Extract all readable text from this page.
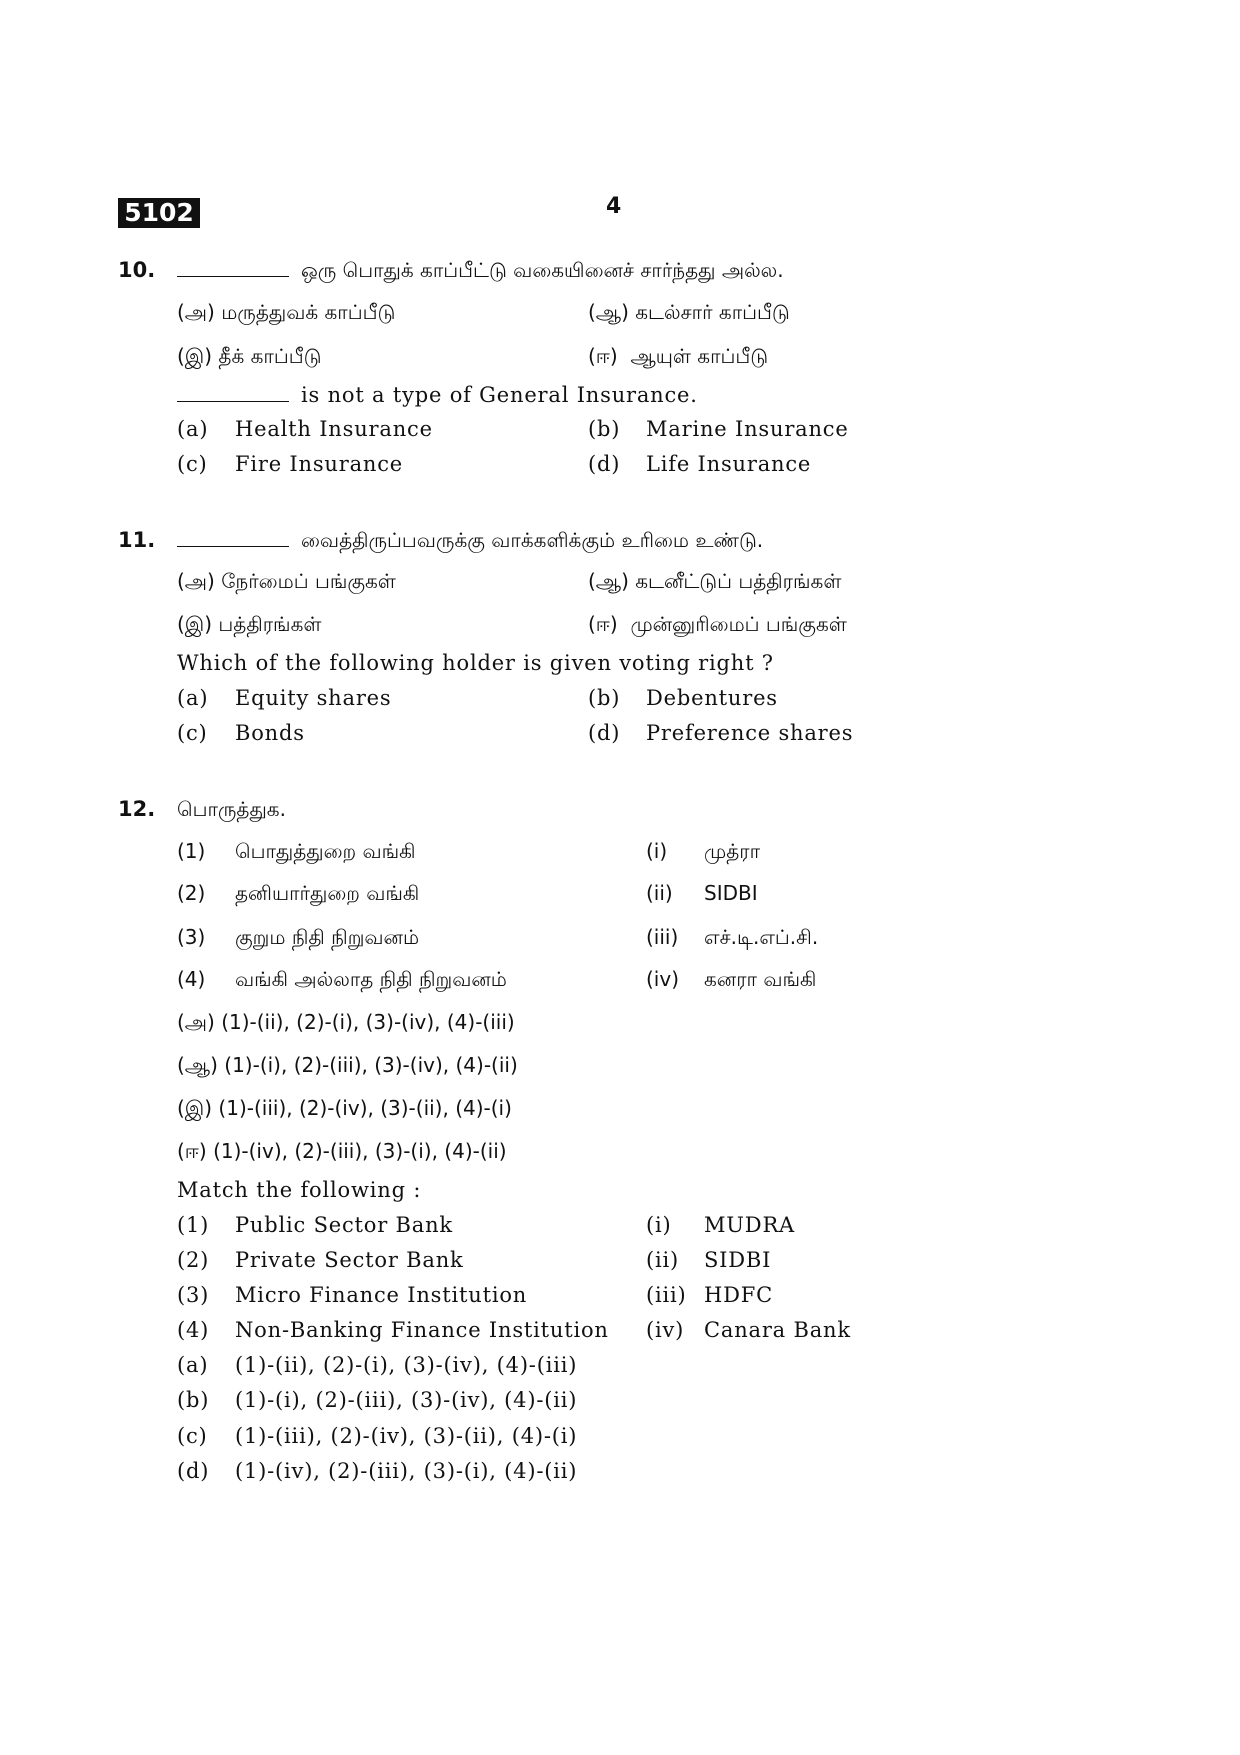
5102	4
10.	ஒரு பொதுக் காப்பீட்டு வகையினைச் சார்ந்தது அல்ல.
(அ) மருத்துவக் காப்பீடு	(ஆ) கடல்சார் காப்பீடு
(இ) தீக் காப்பீடு	(ஈ) ஆயுள் காப்பீடு
is not a type of General Insurance.
(a) Health Insurance	(b) Marine Insurance
(c) Fire Insurance	(d) Life Insurance
11.	வைத்திருப்பவருக்கு வாக்களிக்கும் உரிமை உண்டு.
(அ) நேர்மைப் பங்குகள்	(ஆ) கடனீட்டுப் பத்திரங்கள்
(இ) பத்திரங்கள்	(ஈ) முன்னுரிமைப் பங்குகள்
Which of the following holder is given voting right ?
(a) Equity shares	(b) Debentures
(c) Bonds	(d) Preference shares
12. பொருத்துக.
(1) பொதுத்துறை வங்கி	(i) முத்ரா
(2) தனியார்துறை வங்கி	(ii) SIDBI
(3) குறும நிதி நிறுவனம்	(iii) எச்.டி.எப்.சி.
(4) வங்கி அல்லாத நிதி நிறுவனம்	(iv) கனரா வங்கி
(அ) (1)-(ii), (2)-(i), (3)-(iv), (4)-(iii)
(ஆ) (1)-(i), (2)-(iii), (3)-(iv), (4)-(ii)
(இ) (1)-(iii), (2)-(iv), (3)-(ii), (4)-(i)
(ஈ) (1)-(iv), (2)-(iii), (3)-(i), (4)-(ii)
Match the following :
(1) Public Sector Bank	(i) MUDRA
(2) Private Sector Bank	(ii) SIDBI
(3) Micro Finance Institution	(iii) HDFC
(4) Non-Banking Finance Institution (iv) Canara Bank
(a) (1)-(ii), (2)-(i), (3)-(iv), (4)-(iii)
(b) (1)-(i), (2)-(iii), (3)-(iv), (4)-(ii)
(c) (1)-(iii), (2)-(iv), (3)-(ii), (4)-(i)
(d) (1)-(iv), (2)-(iii), (3)-(i), (4)-(ii)
